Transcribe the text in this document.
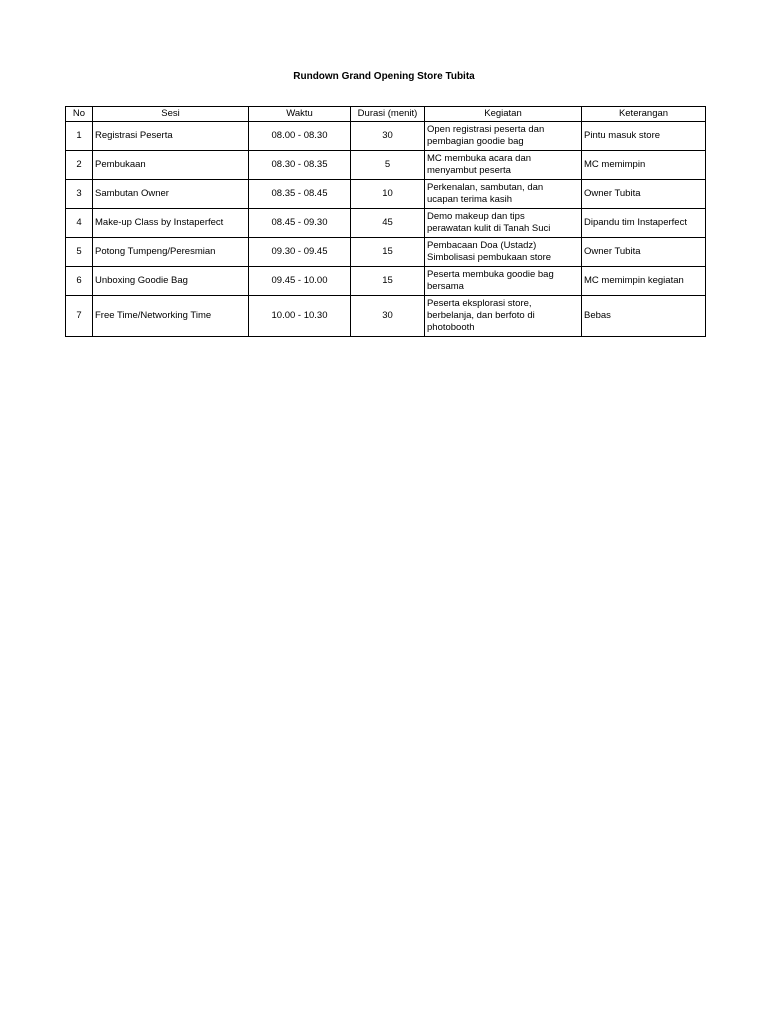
Rundown Grand Opening Store Tubita
No	Sesi	Waktu	Durasi (menit)	Kegiatan	Keterangan
1	Registrasi Peserta	08.00 - 08.30	30	Open registrasi peserta dan
pembagian goodie bag	Pintu masuk store
2	Pembukaan	08.30 - 08.35	5	MC membuka acara dan
menyambut peserta	MC memimpin
3	Sambutan Owner	08.35 - 08.45	10	Perkenalan, sambutan, dan
ucapan terima kasih	Owner Tubita
4	Make-up Class by Instaperfect	08.45 - 09.30	45	Demo makeup dan tips
perawatan kulit di Tanah Suci	Dipandu tim Instaperfect
5	Potong Tumpeng/Peresmian	09.30 - 09.45	15	Pembacaan Doa (Ustadz)
Simbolisasi pembukaan store	Owner Tubita
6	Unboxing Goodie Bag	09.45 - 10.00	15	Peserta membuka goodie bag
bersama	MC memimpin kegiatan
7	Free Time/Networking Time	10.00 - 10.30	30	Peserta eksplorasi store,
berbelanja, dan berfoto di
photobooth	Bebas
